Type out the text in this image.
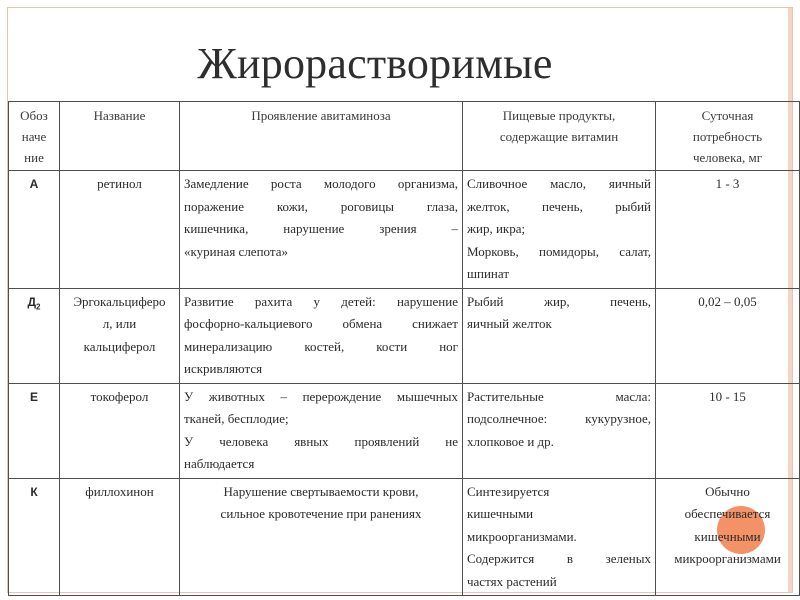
Жирорастворимые
Обоз
наче
ние	Название	Проявление авитаминоза	Пищевые продукты,
содержащие витамин	Суточная
потребность
человека, мг

А	ретинол	Замедление роста молодого организма,
поражение кожи, роговицы глаза,
кишечника, нарушение зрения –
«куриная слепота»	Сливочное масло, яичный
желток, печень, рыбий
жир, икра;
Морковь, помидоры, салат,
шпинат	1 - 3

$Д_2$	Эргокальциферо
л, или
кальциферол	Развитие рахита у детей: нарушение
фосфорно-кальциевого обмена снижает
минерализацию костей, кости ног
искривляются	Рыбий жир, печень,
яичный желток	0,02 – 0,05

Е	токоферол	У животных – перерождение мышечных
тканей, бесплодие;
У человека явных проявлений не
наблюдается	Растительные масла:
подсолнечное: кукурузное,
хлопковое и др.	10 - 15

К	филлохинон	Нарушение свертываемости крови,
сильное кровотечение при ранениях	Синтезируется
кишечными
микроорганизмами.
Содержится в зеленых
частях растений	Обычно
обеспечивается
кишечными
микроорганизмами
